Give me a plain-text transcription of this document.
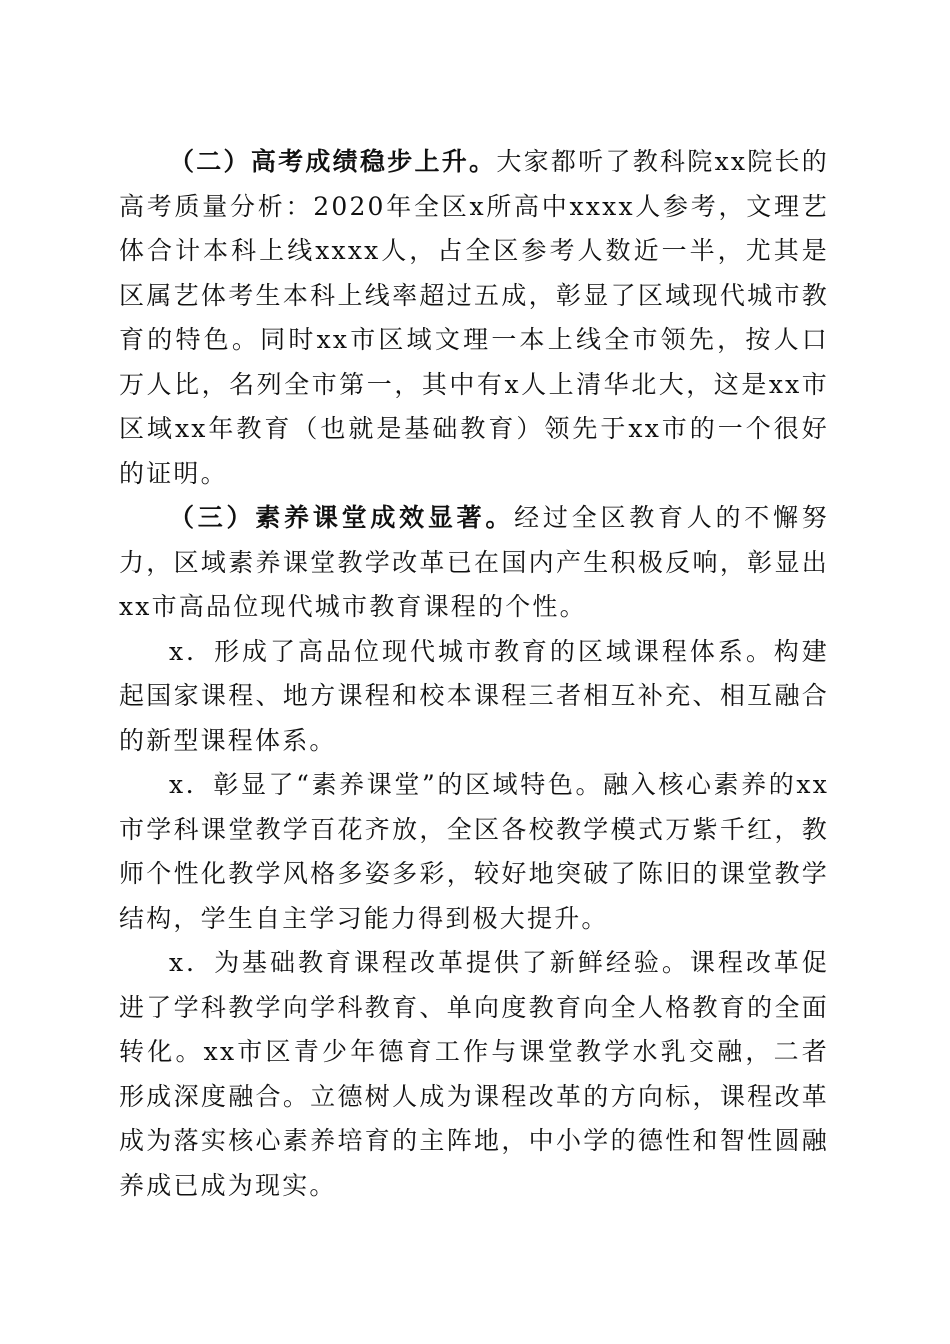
（二）高考成绩稳步上升。大家都听了教科院xx院长的高考质量分析：2020年全区x所高中xxxx人参考，文理艺体合计本科上线xxxx人，占全区参考人数近一半，尤其是区属艺体考生本科上线率超过五成，彰显了区域现代城市教育的特色。同时xx市区域文理一本上线全市领先，按人口万人比，名列全市第一，其中有x人上清华北大，这是xx市区域xx年教育（也就是基础教育）领先于xx市的一个很好的证明。

（三）素养课堂成效显著。经过全区教育人的不懈努力，区域素养课堂教学改革已在国内产生积极反响，彰显出xx市高品位现代城市教育课程的个性。

x．形成了高品位现代城市教育的区域课程体系。构建起国家课程、地方课程和校本课程三者相互补充、相互融合的新型课程体系。

x．彰显了“素养课堂”的区域特色。融入核心素养的xx市学科课堂教学百花齐放，全区各校教学模式万紫千红，教师个性化教学风格多姿多彩，较好地突破了陈旧的课堂教学结构，学生自主学习能力得到极大提升。

x．为基础教育课程改革提供了新鲜经验。课程改革促进了学科教学向学科教育、单向度教育向全人格教育的全面转化。xx市区青少年德育工作与课堂教学水乳交融，二者形成深度融合。立德树人成为课程改革的方向标，课程改革成为落实核心素养培育的主阵地，中小学的德性和智性圆融养成已成为现实。
